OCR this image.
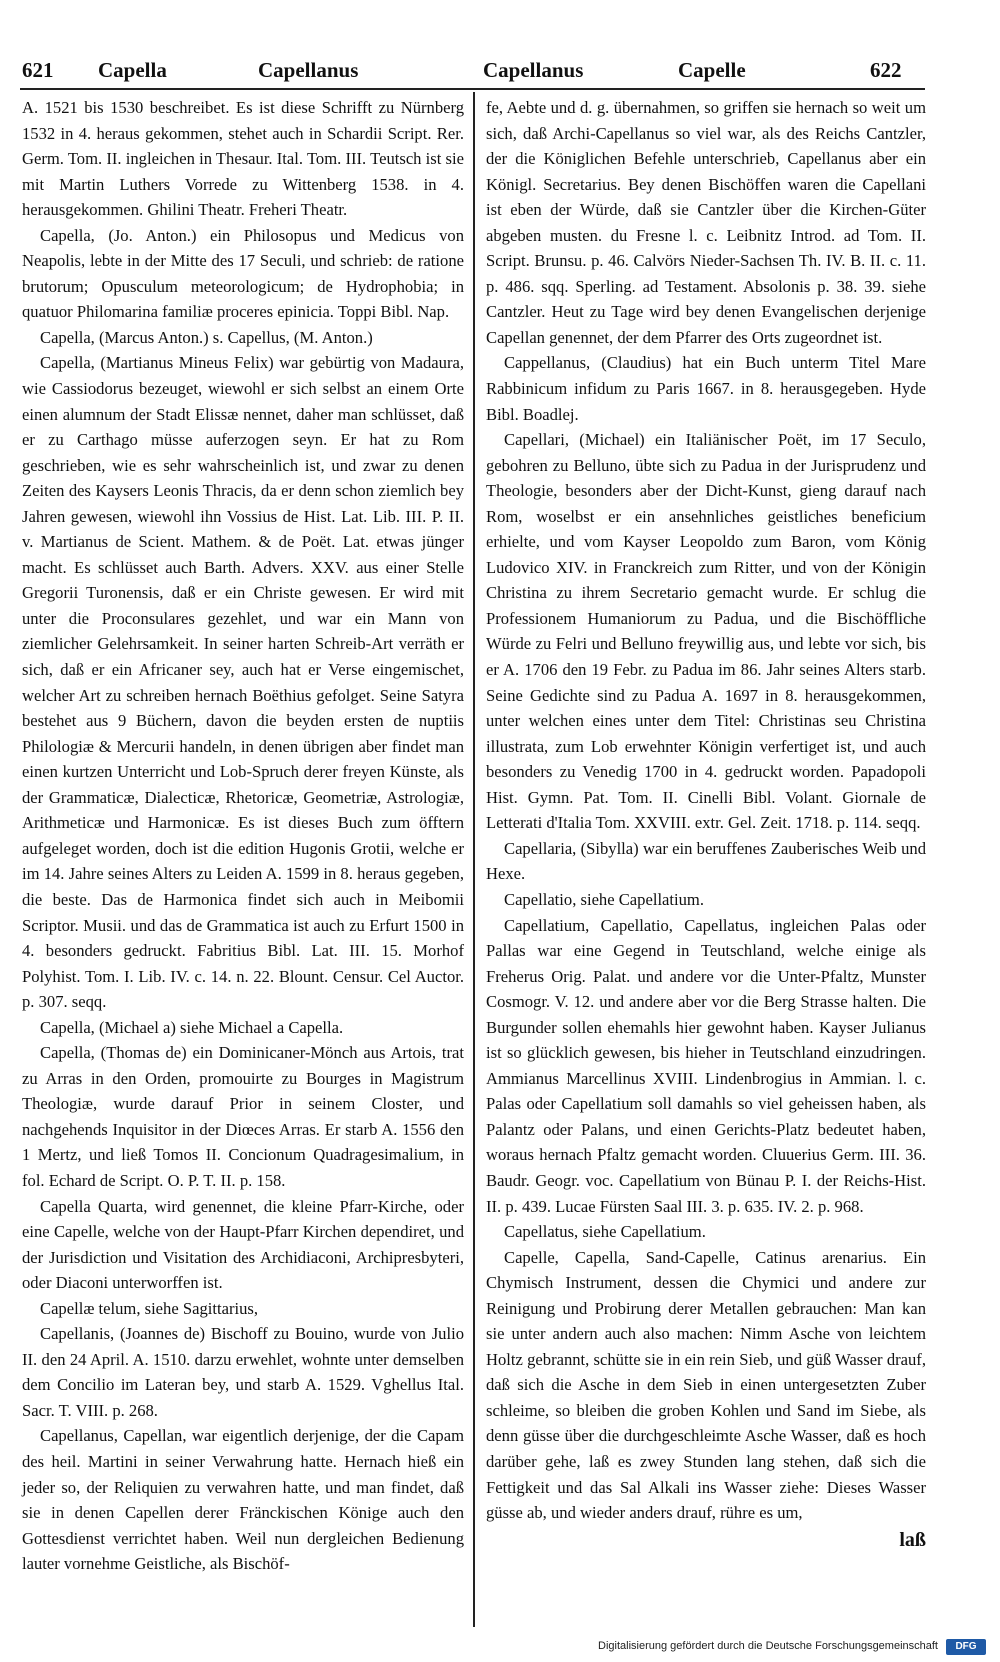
621 Capella	Capellanus	Capellanus	Capelle	622

A. 1521 bis 1530 beschreibet. Es ist diese Schrifft zu Nürnberg 1532 in 4. heraus gekommen, stehet auch in Schardii Script. Rer. Germ. Tom. II. ingleichen in Thesaur. Ital. Tom. III. Teutsch ist sie mit Martin Luthers Vorrede zu Wittenberg 1538. in 4. herausgekommen. Ghilini Theatr. Freheri Theatr.

Capella, (Jo. Anton.) ein Philosopus und Medicus von Neapolis, lebte in der Mitte des 17 Seculi, und schrieb: de ratione brutorum; Opusculum meteorologicum; de Hydrophobia; in quatuor Philomarina familiæ proceres epinicia. Toppi Bibl. Nap.

Capella, (Marcus Anton.) s. Capellus, (M. Anton.)

Capella, (Martianus Mineus Felix) war gebürtig von Madaura, wie Cassiodorus bezeuget, wiewohl er sich selbst an einem Orte einen alumnum der Stadt Elissæ nennet, daher man schlüsset, daß er zu Carthago müsse auferzogen seyn. Er hat zu Rom geschrieben, wie es sehr wahrscheinlich ist, und zwar zu denen Zeiten des Kaysers Leonis Thracis, da er denn schon ziemlich bey Jahren gewesen, wiewohl ihn Vossius de Hist. Lat. Lib. III. P. II. v. Martianus de Scient. Mathem. & de Poët. Lat. etwas jünger macht. Es schlüsset auch Barth. Advers. XXV. aus einer Stelle Gregorii Turonensis, daß er ein Christe gewesen. Er wird mit unter die Proconsulares gezehlet, und war ein Mann von ziemlicher Gelehrsamkeit. In seiner harten Schreib-Art verräth er sich, daß er ein Africaner sey, auch hat er Verse eingemischet, welcher Art zu schreiben hernach Boëthius gefolget. Seine Satyra bestehet aus 9 Büchern, davon die beyden ersten de nuptiis Philologiæ & Mercurii handeln, in denen übrigen aber findet man einen kurtzen Unterricht und Lob-Spruch derer freyen Künste, als der Grammaticæ, Dialecticæ, Rhetoricæ, Geometriæ, Astrologiæ, Arithmeticæ und Harmonicæ. Es ist dieses Buch zum öfftern aufgeleget worden, doch ist die edition Hugonis Grotii, welche er im 14. Jahre seines Alters zu Leiden A. 1599 in 8. heraus gegeben, die beste. Das de Harmonica findet sich auch in Meibomii Scriptor. Musii. und das de Grammatica ist auch zu Erfurt 1500 in 4. besonders gedruckt. Fabritius Bibl. Lat. III. 15. Morhof Polyhist. Tom. I. Lib. IV. c. 14. n. 22. Blount. Censur. Cel Auctor. p. 307. seqq.

Capella, (Michael a) siehe Michael a Capella.

Capella, (Thomas de) ein Dominicaner-Mönch aus Artois, trat zu Arras in den Orden, promouirte zu Bourges in Magistrum Theologiæ, wurde darauf Prior in seinem Closter, und nachgehends Inquisitor in der Diœces Arras. Er starb A. 1556 den 1 Mertz, und ließ Tomos II. Concionum Quadragesimalium, in fol. Echard de Script. O. P. T. II. p. 158.

Capella Quarta, wird genennet, die kleine Pfarr-Kirche, oder eine Capelle, welche von der Haupt-Pfarr Kirchen dependiret, und der Jurisdiction und Visitation des Archidiaconi, Archipresbyteri, oder Diaconi unterworffen ist.

Capellæ telum, siehe Sagittarius,

Capellanis, (Joannes de) Bischoff zu Bouino, wurde von Julio II. den 24 April. A. 1510. darzu erwehlet, wohnte unter demselben dem Concilio im Lateran bey, und starb A. 1529. Vghellus Ital. Sacr. T. VIII. p. 268.

Capellanus, Capellan, war eigentlich derjenige, der die Capam des heil. Martini in seiner Verwahrung hatte. Hernach hieß ein jeder so, der Reliquien zu verwahren hatte, und man findet, daß sie in denen Capellen derer Fränckischen Könige auch den Gottesdienst verrichtet haben. Weil nun dergleichen Bedienung lauter vornehme Geistliche, als Bischöf-

fe, Aebte und d. g. übernahmen, so griffen sie hernach so weit um sich, daß Archi-Capellanus so viel war, als des Reichs Cantzler, der die Königlichen Befehle unterschrieb, Capellanus aber ein Königl. Secretarius. Bey denen Bischöffen waren die Capellani ist eben der Würde, daß sie Cantzler über die Kirchen-Güter abgeben musten. du Fresne l. c. Leibnitz Introd. ad Tom. II. Script. Brunsu. p. 46. Calvörs Nieder-Sachsen Th. IV. B. II. c. 11. p. 486. sqq. Sperling. ad Testament. Absolonis p. 38. 39. siehe Cantzler. Heut zu Tage wird bey denen Evangelischen derjenige Capellan genennet, der dem Pfarrer des Orts zugeordnet ist.

Cappellanus, (Claudius) hat ein Buch unterm Titel Mare Rabbinicum infidum zu Paris 1667. in 8. herausgegeben. Hyde Bibl. Boadlej.

Capellari, (Michael) ein Italiänischer Poët, im 17 Seculo, gebohren zu Belluno, übte sich zu Padua in der Jurisprudenz und Theologie, besonders aber der Dicht-Kunst, gieng darauf nach Rom, woselbst er ein ansehnliches geistliches beneficium erhielte, und vom Kayser Leopoldo zum Baron, vom König Ludovico XIV. in Franckreich zum Ritter, und von der Königin Christina zu ihrem Secretario gemacht wurde. Er schlug die Professionem Humaniorum zu Padua, und die Bischöffliche Würde zu Felri und Belluno freywillig aus, und lebte vor sich, bis er A. 1706 den 19 Febr. zu Padua im 86. Jahr seines Alters starb. Seine Gedichte sind zu Padua A. 1697 in 8. herausgekommen, unter welchen eines unter dem Titel: Christinas seu Christina illustrata, zum Lob erwehnter Königin verfertiget ist, und auch besonders zu Venedig 1700 in 4. gedruckt worden. Papadopoli Hist. Gymn. Pat. Tom. II. Cinelli Bibl. Volant. Giornale de Letterati d'Italia Tom. XXVIII. extr. Gel. Zeit. 1718. p. 114. seqq.

Capellaria, (Sibylla) war ein beruffenes Zauberisches Weib und Hexe.

Capellatio, siehe Capellatium.

Capellatium, Capellatio, Capellatus, ingleichen Palas oder Pallas war eine Gegend in Teutschland, welche einige als Freherus Orig. Palat. und andere vor die Unter-Pfaltz, Munster Cosmogr. V. 12. und andere aber vor die Berg Strasse halten. Die Burgunder sollen ehemahls hier gewohnt haben. Kayser Julianus ist so glücklich gewesen, bis hieher in Teutschland einzudringen. Ammianus Marcellinus XVIII. Lindenbrogius in Ammian. l. c. Palas oder Capellatium soll damahls so viel geheissen haben, als Palantz oder Palans, und einen Gerichts-Platz bedeutet haben, woraus hernach Pfaltz gemacht worden. Cluuerius Germ. III. 36. Baudr. Geogr. voc. Capellatium von Bünau P. I. der Reichs-Hist. II. p. 439. Lucae Fürsten Saal III. 3. p. 635. IV. 2. p. 968.

Capellatus, siehe Capellatium.

Capelle, Capella, Sand-Capelle, Catinus arenarius. Ein Chymisch Instrument, dessen die Chymici und andere zur Reinigung und Probirung derer Metallen gebrauchen: Man kan sie unter andern auch also machen: Nimm Asche von leichtem Holtz gebrannt, schütte sie in ein rein Sieb, und güß Wasser drauf, daß sich die Asche in dem Sieb in einen untergesetzten Zuber schleime, so bleiben die groben Kohlen und Sand im Siebe, als denn güsse über die durchgeschleimte Asche Wasser, daß es hoch darüber gehe, laß es zwey Stunden lang stehen, daß sich die Fettigkeit und das Sal Alkali ins Wasser ziehe: Dieses Wasser güsse ab, und wieder anders drauf, rühre es um,

laß

Digitalisierung gefördert durch die Deutsche Forschungsgemeinschaft	DFG
